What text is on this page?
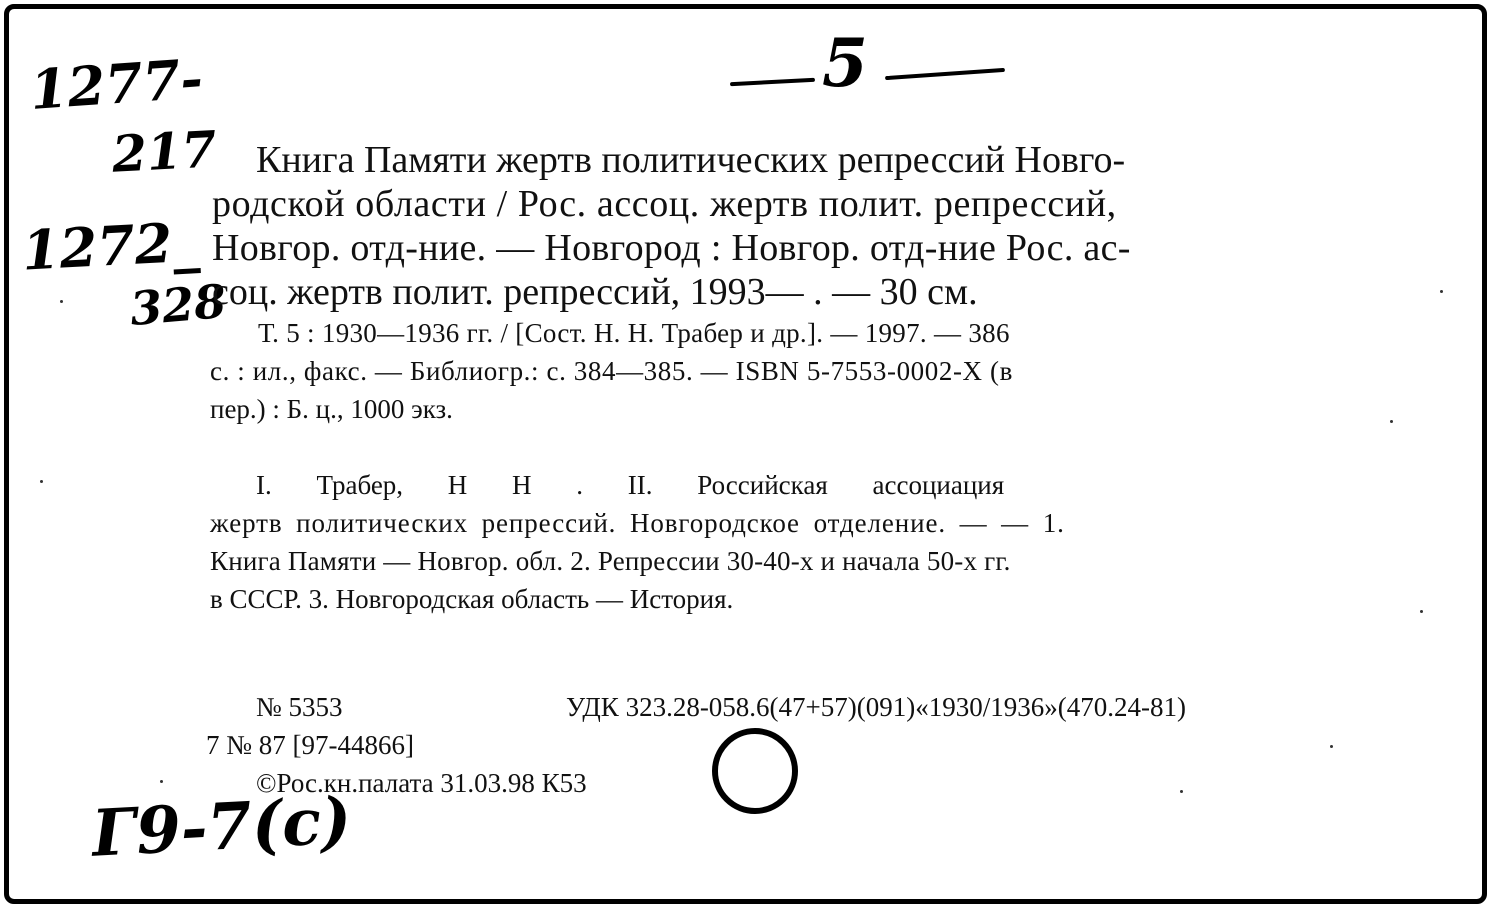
1277-
217
1272_
328
5
Книга Памяти жертв политических репрессий Новго-
родской области / Рос. ассоц. жертв полит. репрессий,
Новгор. отд-ние. — Новгород : Новгор. отд-ние Рос. ас-
соц. жертв полит. репрессий, 1993— . — 30 см.
Т. 5 : 1930—1936 гг. / [Сост. Н. Н. Трабер и др.]. — 1997. — 386
с. : ил., факс. — Библиогр.: с. 384—385. — ISBN 5-7553-0002-X (в
пер.) : Б. ц., 1000 экз.
I. Трабер, Н Н . II. Российская ассоциация
жертв политических репрессий. Новгородское отделение. — — 1.
Книга Памяти — Новгор. обл. 2. Репрессии 30-40-х и начала 50-х гг.
в СССР. 3. Новгородская область — История.
№ 5353	УДК 323.28-058.6(47+57)(091)«1930/1936»(470.24-81)
7 № 87 [97-44866]
©Рос.кн.палата 31.03.98 К53
Г9-7(с)
